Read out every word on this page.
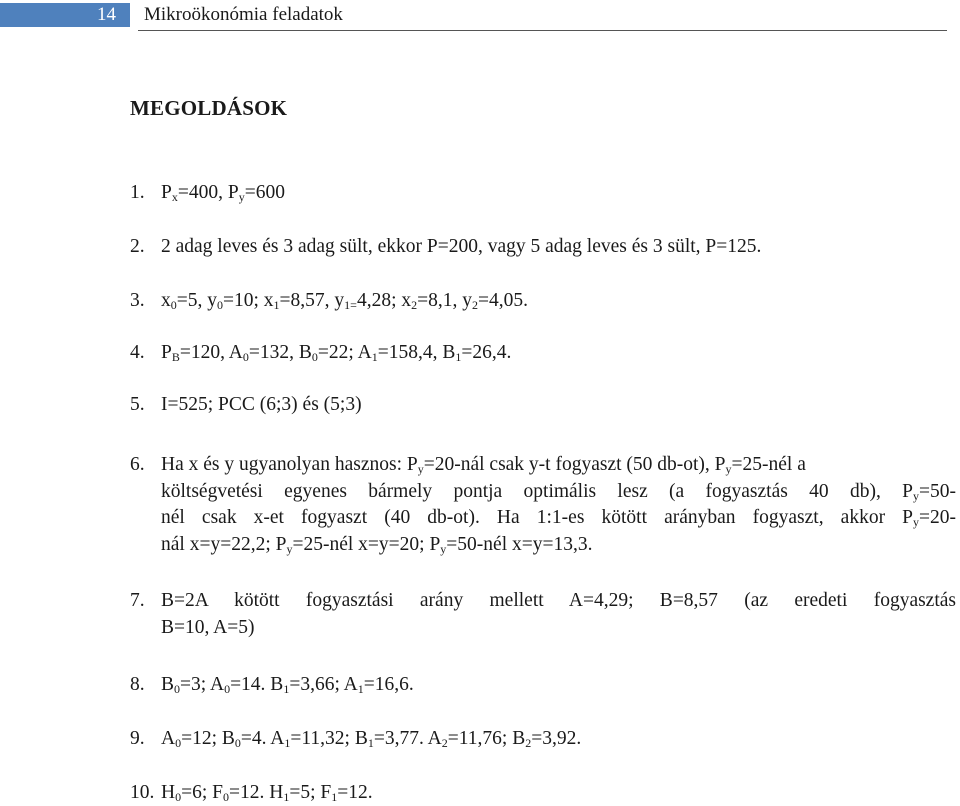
14	Mikroökonómia feladatok
MEGOLDÁSOK
1. $P_x=400$, $P_y=600$
2. 2 adag leves és 3 adag sült, ekkor P=200, vagy 5 adag leves és 3 sült, P=125.
3. $x_0=5$, $y_0=10$; $x_1=8,57$, $y_{1=}4,28$; $x_2=8,1$, $y_2=4,05$.
4. $P_B=120$, $A_0=132$, $B_0=22$; $A_1=158,4$, $B_1=26,4$.
5. I=525; PCC (6;3) és (5;3)
6. Ha x és y ugyanolyan hasznos: $P_y=20$-nál csak y-t fogyaszt (50 db-ot), $P_y=25$-nél a
költségvetési egyenes bármely pontja optimális lesz (a fogyasztás 40 db), $P_y=50-$
nél csak x-et fogyaszt (40 db-ot). Ha 1:1-es kötött arányban fogyaszt, akkor $P_y=20-$
nál x=y=22,2; $P_y=25$-nél x=y=20; $P_y=50$-nél x=y=13,3.
7. B=2A kötött fogyasztási arány mellett A=4,29; B=8,57 (az eredeti fogyasztás
B=10, A=5)
8. $B_0=3$; $A_0=14$. $B_1=3,66$; $A_1=16,6$.
9. $A_0=12$; $B_0=4$. $A_1=11,32$; $B_1=3,77$. $A_2=11,76$; $B_2=3,92$.
10. $H_0=6$; $F_0=12$. $H_1=5$; $F_1=12$.
